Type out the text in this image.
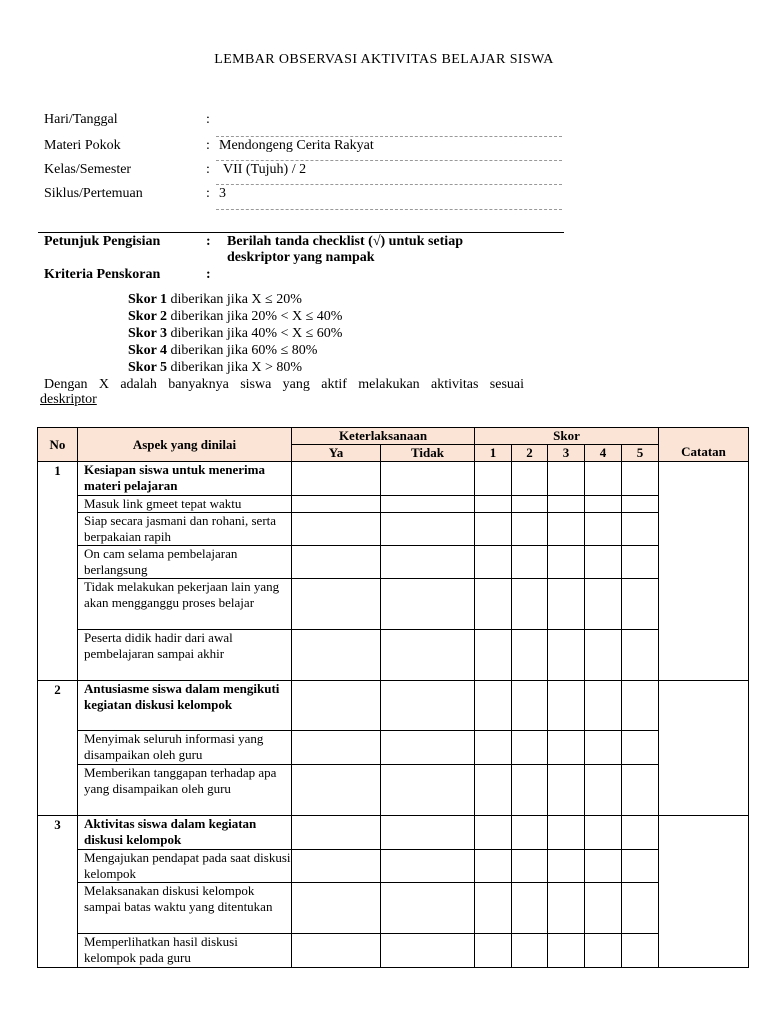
LEMBAR OBSERVASI AKTIVITAS BELAJAR SISWA
Hari/Tanggal	:
Materi Pokok	: Mendongeng Cerita Rakyat
Kelas/Semester	: VII (Tujuh) / 2
Siklus/Pertemuan	: 3
Petunjuk Pengisian	: Berilah tanda checklist (√) untuk setiap
deskriptor yang nampak
Kriteria Penskoran	:
Skor 1 diberikan jika X ≤ 20%
Skor 2 diberikan jika 20% < X ≤ 40%
Skor 3 diberikan jika 40% < X ≤ 60%
Skor 4 diberikan jika 60% ≤ 80%
Skor 5 diberikan jika X > 80%
Dengan X adalah banyaknya siswa yang aktif melakukan aktivitas sesuai
deskriptor
No	Aspek yang dinilai	Keterlaksanaan		Skor					Catatan
		Ya	Tidak	1	2	3	4	5	
1	Kesiapan siswa untuk menerima materi pelajaran								
	Masuk link gmeet tepat waktu								
	Siap secara jasmani dan rohani, serta berpakaian rapih								
	On cam selama pembelajaran berlangsung								
	Tidak melakukan pekerjaan lain yang akan mengganggu proses belajar								
	Peserta didik hadir dari awal pembelajaran sampai akhir								
2	Antusiasme siswa dalam mengikuti kegiatan diskusi kelompok								
	Menyimak seluruh informasi yang disampaikan oleh guru								
	Memberikan tanggapan terhadap apa yang disampaikan oleh guru								
3	Aktivitas siswa dalam kegiatan diskusi kelompok								
	Mengajukan pendapat pada saat diskusi kelompok								
	Melaksanakan diskusi kelompok sampai batas waktu yang ditentukan								
	Memperlihatkan hasil diskusi kelompok pada guru								
